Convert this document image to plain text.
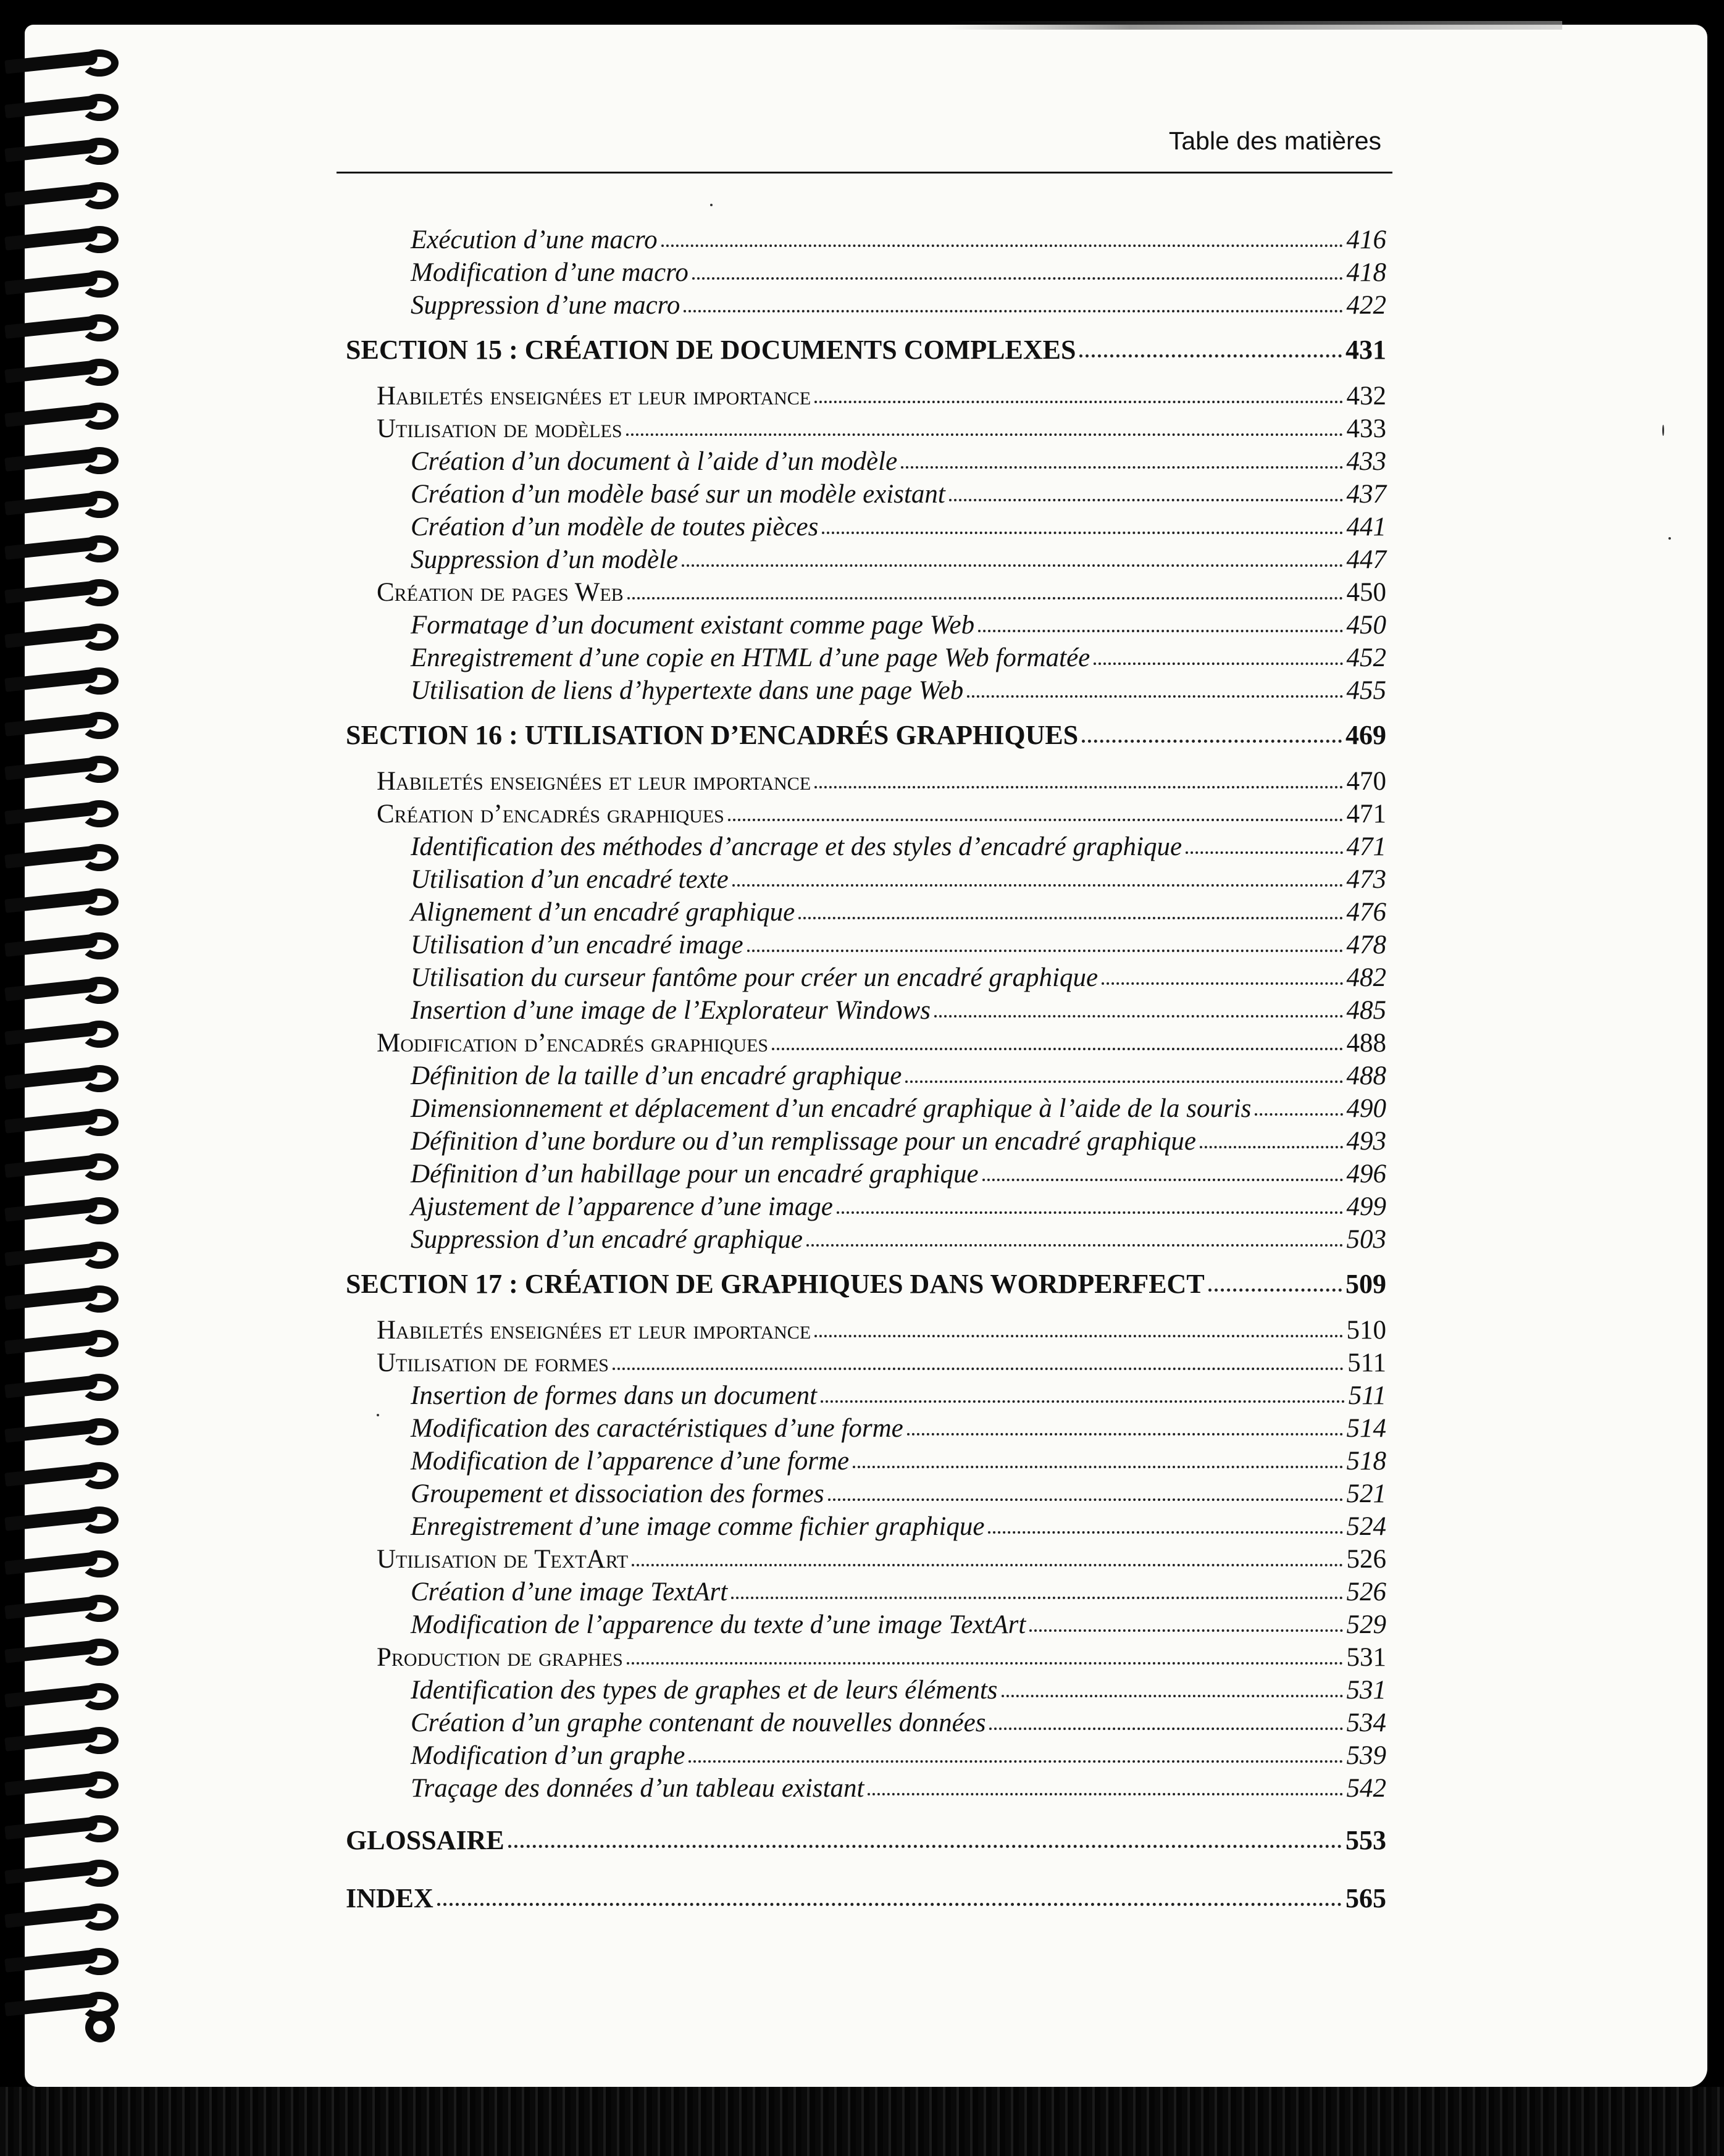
Table des matières
Exécution d’une macro	416
Modification d’une macro	418
Suppression d’une macro	422
SECTION 15 : CRÉATION DE DOCUMENTS COMPLEXES	431
Habiletés enseignées et leur importance	432
Utilisation de modèles	433
Création d’un document à l’aide d’un modèle	433
Création d’un modèle basé sur un modèle existant	437
Création d’un modèle de toutes pièces	441
Suppression d’un modèle	447
Création de pages Web	450
Formatage d’un document existant comme page Web	450
Enregistrement d’une copie en HTML d’une page Web formatée	452
Utilisation de liens d’hypertexte dans une page Web	455
SECTION 16 : UTILISATION D’ENCADRÉS GRAPHIQUES	469
Habiletés enseignées et leur importance	470
Création d’encadrés graphiques	471
Identification des méthodes d’ancrage et des styles d’encadré graphique	471
Utilisation d’un encadré texte	473
Alignement d’un encadré graphique	476
Utilisation d’un encadré image	478
Utilisation du curseur fantôme pour créer un encadré graphique	482
Insertion d’une image de l’Explorateur Windows	485
Modification d’encadrés graphiques	488
Définition de la taille d’un encadré graphique	488
Dimensionnement et déplacement d’un encadré graphique à l’aide de la souris	490
Définition d’une bordure ou d’un remplissage pour un encadré graphique	493
Définition d’un habillage pour un encadré graphique	496
Ajustement de l’apparence d’une image	499
Suppression d’un encadré graphique	503
SECTION 17 : CRÉATION DE GRAPHIQUES DANS WORDPERFECT	509
Habiletés enseignées et leur importance	510
Utilisation de formes	511
Insertion de formes dans un document	511
Modification des caractéristiques d’une forme	514
Modification de l’apparence d’une forme	518
Groupement et dissociation des formes	521
Enregistrement d’une image comme fichier graphique	524
Utilisation de TextArt	526
Création d’une image TextArt	526
Modification de l’apparence du texte d’une image TextArt	529
Production de graphes	531
Identification des types de graphes et de leurs éléments	531
Création d’un graphe contenant de nouvelles données	534
Modification d’un graphe	539
Traçage des données d’un tableau existant	542
GLOSSAIRE	553
INDEX	565
